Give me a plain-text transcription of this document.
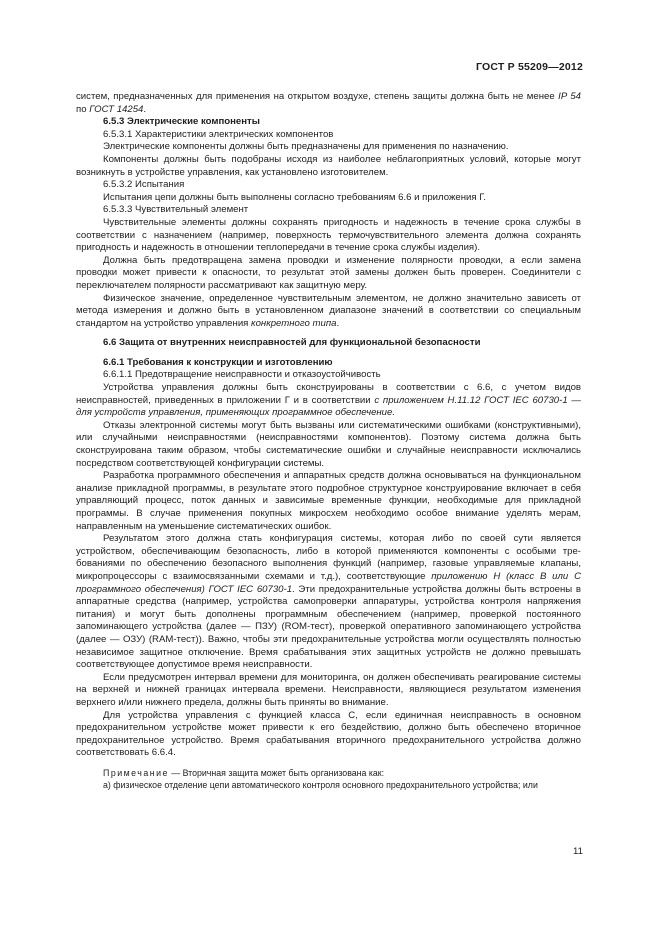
ГОСТ Р 55209—2012

систем, предназначенных для применения на открытом воздухе, степень защиты должна быть не менее IP 54 по ГОСТ 14254.

6.5.3 Электрические компоненты

6.5.3.1 Характеристики электрических компонентов

Электрические компоненты должны быть предназначены для применения по назначению.

Компоненты должны быть подобраны исходя из наиболее неблагоприятных условий, которые могут возникнуть в устройстве управления, как установлено изготовителем.

6.5.3.2 Испытания

Испытания цепи должны быть выполнены согласно требованиям 6.6 и приложения Г.

6.5.3.3 Чувствительный элемент

Чувствительные элементы должны сохранять пригодность и надежность в течение срока службы в соответствии с назначением (например, поверхность термочувствительного элемента должна сохранять пригодность и надежность в отношении теплопередачи в течение срока службы изделия).

Должна быть предотвращена замена проводки и изменение полярности проводки, а если замена проводки может привести к опасности, то результат этой замены должен быть проверен. Соединители с переключателем полярности рассматривают как защитную меру.

Физическое значение, определенное чувствительным элементом, не должно значительно зависеть от метода измерения и должно быть в установленном диапазоне значений в соответствии со специальным стандартом на устройство управления конкретного типа.

6.6 Защита от внутренних неисправностей для функциональной безопасности

6.6.1 Требования к конструкции и изготовлению

6.6.1.1 Предотвращение неисправности и отказоустойчивость

Устройства управления должны быть сконструированы в соответствии с 6.6, с учетом видов неисправностей, приведенных в приложении Г и в соответствии с приложением Н.11.12 ГОСТ IEC 60730-1 — для устройств управления, применяющих программное обеспечение.

Отказы электронной системы могут быть вызваны или систематическими ошибками (конструктивными), или случайными неисправностями (неисправностями компонентов). Поэтому система должна быть сконструирована таким образом, чтобы систематические ошибки и случайные неисправности исключались посредством соответствующей конфигурации системы.

Разработка программного обеспечения и аппаратных средств должна основываться на функциональном анализе прикладной программы, в результате этого подробное структурное конструирование включает в себя управляющий процесс, поток данных и зависимые временные функции, необходимые для прикладной программы. В случае применения покупных микросхем необходимо особое внимание уделять мерам, направленным на уменьшение систематических ошибок.

Результатом этого должна стать конфигурация системы, которая либо по своей сути является устройством, обеспечивающим безопасность, либо в которой применяются компоненты с особыми требованиями по обеспечению безопасного выполнения функций (например, газовые управляемые клапаны, микропроцессоры с взаимосвязанными схемами и т.д.), соответствующие приложению Н (класс В или С программного обеспечения) ГОСТ IEC 60730-1. Эти предохранительные устройства должны быть встроены в аппаратные средства (например, устройства самопроверки аппаратуры, устройства контроля напряжения питания) и могут быть дополнены программным обеспечением (например, проверкой постоянного запоминающего устройства (далее — ПЗУ) (ROM-тест), проверкой оперативного запоминающего устройства (далее — ОЗУ) (RAM-тест)). Важно, чтобы эти предохранительные устройства могли осуществлять полностью независимое защитное отключение. Время срабатывания этих защитных устройств не должно превышать соответствующее допустимое время неисправности.

Если предусмотрен интервал времени для мониторинга, он должен обеспечивать реагирование системы на верхней и нижней границах интервала времени. Неисправности, являющиеся результатом изменения верхнего и/или нижнего предела, должны быть приняты во внимание.

Для устройства управления с функцией класса С, если единичная неисправность в основном предохранительном устройстве может привести к его бездействию, должно быть обеспечено вторичное предохранительное устройство. Время срабатывания вторичного предохранительного устройства должно соответствовать 6.6.4.

Примечание — Вторичная защита может быть организована как:

а) физическое отделение цепи автоматического контроля основного предохранительного устройства; или

11
